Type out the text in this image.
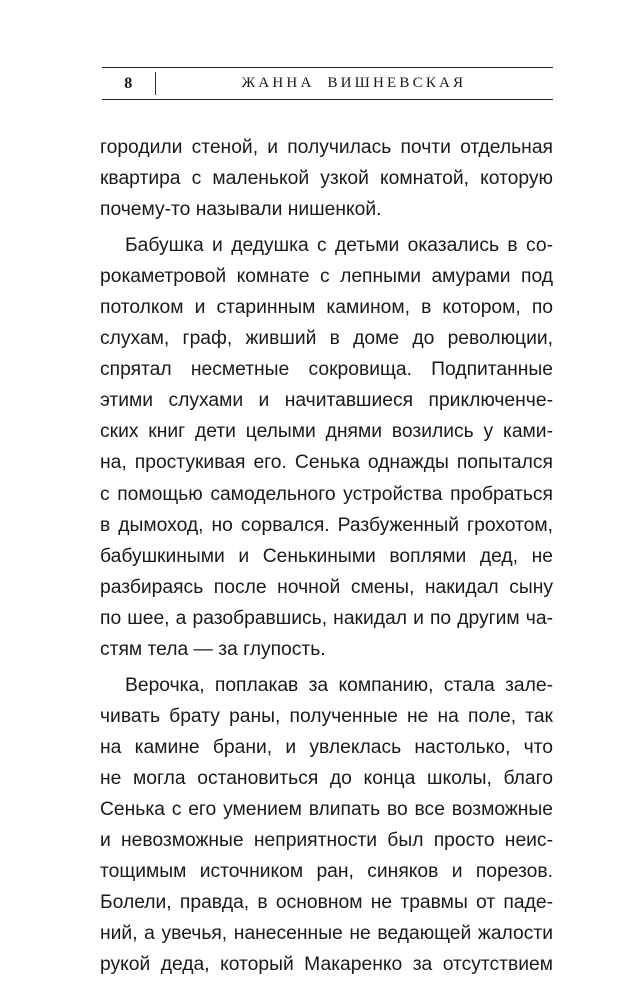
8	ЖАННА ВИШНЕВСКАЯ
городили стеной, и получилась почти отдельная
квартира с маленькой узкой комнатой, которую
почему-то называли нишенкой.
Бабушка и дедушка с детьми оказались в со-
рокаметровой комнате с лепными амурами под
потолком и старинным камином, в котором, по
слухам, граф, живший в доме до революции,
спрятал несметные сокровища. Подпитанные
этими слухами и начитавшиеся приключенче-
ских книг дети целыми днями возились у ками-
на, простукивая его. Сенька однажды попытался
с помощью самодельного устройства пробраться
в дымоход, но сорвался. Разбуженный грохотом,
бабушкиными и Сенькиными воплями дед, не
разбираясь после ночной смены, накидал сыну
по шее, а разобравшись, накидал и по другим ча-
стям тела — за глупость.
Верочка, поплакав за компанию, стала зале-
чивать брату раны, полученные не на поле, так
на камине брани, и увлеклась настолько, что
не могла остановиться до конца школы, благо
Сенька с его умением влипать во все возможные
и невозможные неприятности был просто неис-
тощимым источником ран, синяков и порезов.
Болели, правда, в основном не травмы от паде-
ний, а увечья, нанесенные не ведающей жалости
рукой деда, который Макаренко за отсутствием
